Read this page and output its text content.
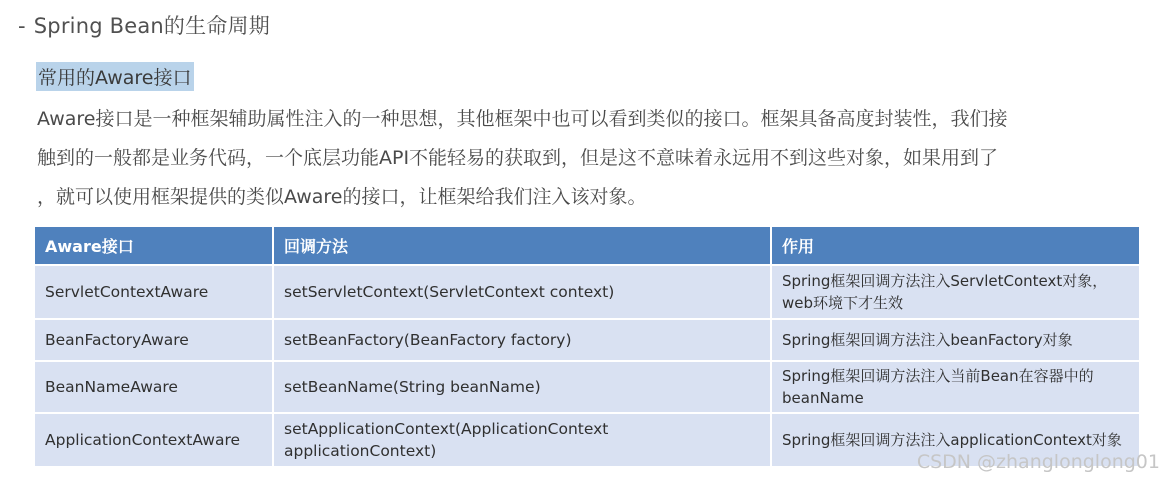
- Spring Bean的生命周期
常用的Aware接口
Aware接口是一种框架辅助属性注入的一种思想，其他框架中也可以看到类似的接口。框架具备高度封装性，我们接
触到的一般都是业务代码，一个底层功能API不能轻易的获取到，但是这不意味着永远用不到这些对象，如果用到了
，就可以使用框架提供的类似Aware的接口，让框架给我们注入该对象。
Aware接口	回调方法	作用
ServletContextAware	setServletContext(ServletContext context)	Spring框架回调方法注入ServletContext对象，web环境下才生效
BeanFactoryAware	setBeanFactory(BeanFactory factory)	Spring框架回调方法注入beanFactory对象
BeanNameAware	setBeanName(String beanName)	Spring框架回调方法注入当前Bean在容器中的beanName
ApplicationContextAware	setApplicationContext(ApplicationContext applicationContext)	Spring框架回调方法注入applicationContext对象
CSDN @zhanglonglong01
